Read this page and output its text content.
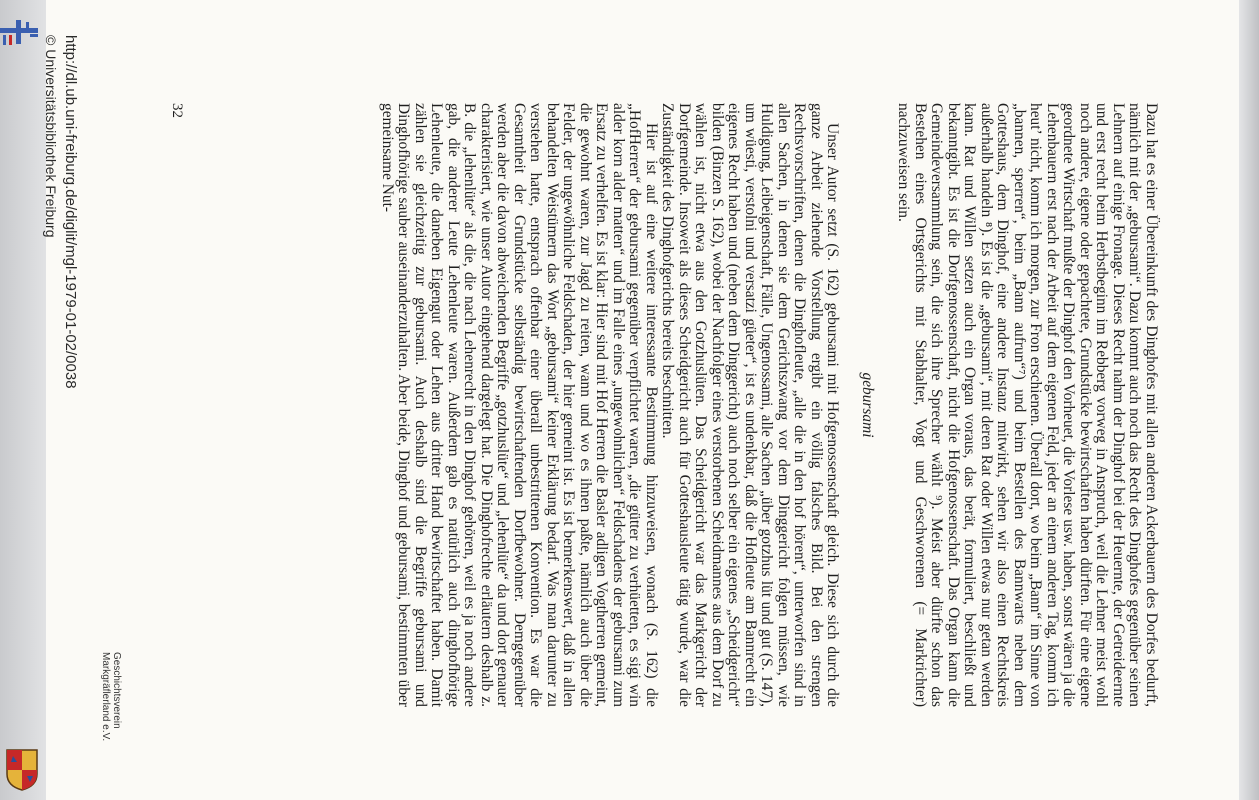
Dazu hat es einer Übereinkunft des Dinghofes mit allen anderen Ackerbauern des Dorfes bedurft, nämlich mit der „gebursami“. Dazu kommt auch noch das Recht des Dinghofes gegenüber seinen Lehnern auf einige Fronage. Dieses Recht nahm der Dinghof bei der Heuernte, der Getreideernte und erst recht beim Herbstbeginn im Rebberg vorweg in Anspruch, weil die Lehner meist wohl noch andere, eigene oder gepachtete, Grundstücke bewirtschaften haben dürften. Für eine eigene geordnete Wirtschaft mußte der Dinghof den Vorheuet, die Vorlese usw. haben, sonst wären ja die Lehenbauern erst nach der Arbeit auf dem eigenen Feld, jeder an einem anderen Tag, komm ich heut’ nicht, komm ich morgen, zur Fron erschienen. Überall dort, wo beim „Bann“ im Sinne von „bannen, sperren“, beim „Bann aufrun“⁷) und beim Bestellen des Bannwarts neben dem Gotteshaus, dem Dinghof, eine andere Instanz mitwirkt, sehen wir also einen Rechtskreis außerhalb handeln ⁸). Es ist die „gebursami“, mit deren Rat oder Willen etwas nur getan werden kann. Rat und Willen setzen auch ein Organ voraus, das berät, formuliert, beschließt und bekanntgibt. Es ist die Dorfgenossenschaft, nicht die Hofgenossenschaft. Das Organ kann die Gemeindeversammlung sein, die sich ihre Sprecher wählt ⁹). Meist aber dürfte schon das Bestehen eines Ortsgerichts mit Stabhalter, Vogt und Geschworenen (= Markrichter) nachzuweisen sein.

gebursami

Unser Autor setzt (S. 162) gebursami mit Hofgenossenschaft gleich. Diese sich durch die ganze Arbeit ziehende Vorstellung ergibt ein völlig falsches Bild. Bei den strengen Rechtsvorschriften, denen die Dinghofleute, „alle die in den hof hörent“, unterworfen sind in allen Sachen, in denen sie dem Gerichtszwang vor dem Dinggericht folgen müssen, wie Huldigung, Leibeigenschaft, Fälle, Ungenossami, alle Sachen „über gotzhus lüt und gut (S. 147), um wüesti, verstolni und versatzi güeter“, ist es undenkbar, daß die Hofleute am Bannrecht ein eigenes Recht haben und (neben dem Dinggericht) auch noch selber ein eigenes „Scheidgericht“ bilden (Binzen S. 162), wobei der Nachfolger eines verstorbenen Scheidmannes aus dem Dorf zu wählen ist, nicht etwa aus den Gotzhuslüten. Das Scheidgericht war das Markgericht der Dorfgemeinde. Insoweit als dieses Scheidgericht auch für Gotteshausleute tätig wurde, war die Zuständigkeit des Dinghofgerichts bereits beschnitten.

Hier ist auf eine weitere interessante Bestimmung hinzuweisen, wonach (S. 162) die „HofHerren“ der gebursami gegenüber verpflichtet waren, „die gütter zu verhüetten, es sigi win alder korn alder matten“ und im Falle eines „ungewohnlichen“ Feldschadens der gebursami zum Ersatz zu verhelfen. Es ist klar: Hier sind mit Hof Herren die Basler adligen Vogtherren gemeint, die gewohnt waren, zur Jagd zu reiten, wann und wo es ihnen paßte, nämlich auch über die Felder, der ungewöhnliche Feldschaden, der hier gemeint ist. Es ist bemerkenswert, daß in allen behandelten Weistümern das Wort „gebursami“ keiner Erklärung bedarf. Was man darunter zu verstehen hatte, entsprach offenbar einer überall unbestrittenen Konvention. Es war die Gesamtheit der Grundstücke selbständig bewirtschaftenden Dorfbewohner. Demgegenüber werden aber die davon abweichenden Begriffe „gotzhuslüte“ und „lehenlüte“ da und dort genauer charakterisiert, wie unser Autor eingehend dargelegt hat. Die Dinghofrechte erläutern deshalb z. B. die „lehenlüte“ als die, die nach Lehenrecht in den Dinghof gehören, weil es ja noch andere gab, die anderer Leute Lehenleute waren. Außerdem gab es natürlich auch dinghofhörige Lehenleute, die daneben Eigengut oder Lehen aus dritter Hand bewirtschaftet haben. Damit zählen sie gleichzeitig zur gebursami. Auch deshalb sind die Begriffe gebursami und Dinghofhörige sauber auseinanderzuhalten. Aber beide, Dinghof und gebursami, bestimmten über gemeinsame Nut-

32
http://dl.ub.uni-freiburg.de/diglit/mgl-1979-01-02/0038
© Universitätsbibliothek Freiburg
Geschichtsverein
Markgräflerland e.V.
